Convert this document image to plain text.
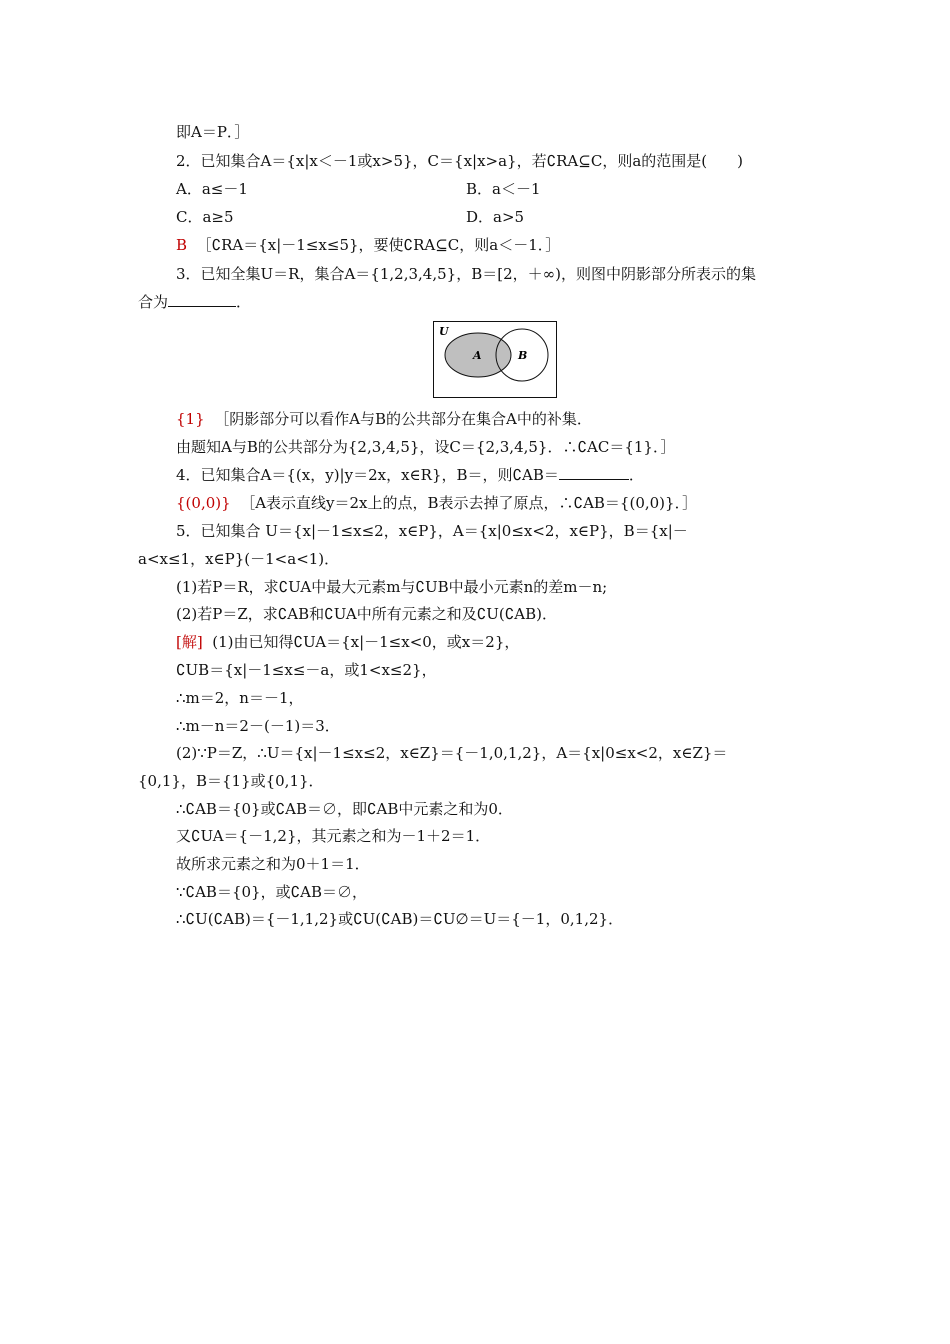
即A＝P．］
2．已知集合A＝{x|x＜－1或x>5}，C＝{x|x>a}，若∁RA⊆C，则a的范围是(　　)
A．a≤－1	B．a＜－1
C．a≥5	D．a>5
B ［∁RA＝{x|－1≤x≤5}，要使∁RA⊆C，则a＜－1．］
3．已知全集U＝R，集合A＝{1,2,3,4,5}，B＝[2，＋∞)，则图中阴影部分所表示的集
合为	．
U
A	B
{1} ［阴影部分可以看作A与B的公共部分在集合A中的补集．
由题知A与B的公共部分为{2,3,4,5}，设C＝{2,3,4,5}．∴∁AC＝{1}．］
4．已知集合A＝{(x，y)|y＝2x，x∈R}，B＝，则∁AB＝	．
{(0,0)} ［A表示直线y＝2x上的点，B表示去掉了原点，∴∁AB＝{(0,0)}．］
5．已知集合 U＝{x|－1≤x≤2，x∈P}，A＝{x|0≤x<2，x∈P}，B＝{x|－
a<x≤1，x∈P}(－1<a<1)．
(1)若P＝R，求∁UA中最大元素m与∁UB中最小元素n的差m－n;
(2)若P＝Z，求∁AB和∁UA中所有元素之和及∁U(∁AB)．
[解] (1)由已知得∁UA＝{x|－1≤x<0，或x＝2}，
∁UB＝{x|－1≤x≤－a，或1<x≤2}，
∴m＝2，n＝－1，
∴m－n＝2－(－1)＝3．
(2)∵P＝Z，∴U＝{x|－1≤x≤2，x∈Z}＝{－1,0,1,2}，A＝{x|0≤x<2，x∈Z}＝
{0,1}，B＝{1}或{0,1}．
∴∁AB＝{0}或∁AB＝∅，即∁AB中元素之和为0．
又∁UA＝{－1,2}，其元素之和为－1＋2＝1．
故所求元素之和为0＋1＝1．
∵∁AB＝{0}，或∁AB＝∅，
∴∁U(∁AB)＝{－1,1,2}或∁U(∁AB)＝∁U∅＝U＝{－1，0,1,2}．
